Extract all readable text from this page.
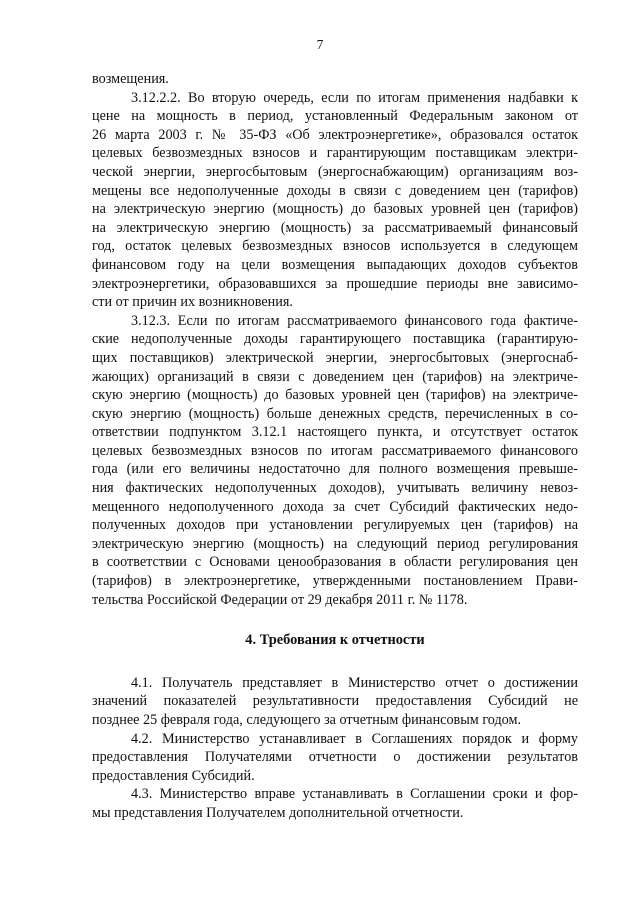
7
возмещения.
3.12.2.2. Во вторую очередь, если по итогам применения надбавки к
цене на мощность в период, установленный Федеральным законом от
26 марта 2003 г. № 35-ФЗ «Об электроэнергетике», образовался остаток
целевых безвозмездных взносов и гарантирующим поставщикам электри-
ческой энергии, энергосбытовым (энергоснабжающим) организациям воз-
мещены все недополученные доходы в связи с доведением цен (тарифов)
на электрическую энергию (мощность) до базовых уровней цен (тарифов)
на электрическую энергию (мощность) за рассматриваемый финансовый
год, остаток целевых безвозмездных взносов используется в следующем
финансовом году на цели возмещения выпадающих доходов субъектов
электроэнергетики, образовавшихся за прошедшие периоды вне зависимо-
сти от причин их возникновения.
3.12.3. Если по итогам рассматриваемого финансового года фактиче-
ские недополученные доходы гарантирующего поставщика (гарантирую-
щих поставщиков) электрической энергии, энергосбытовых (энергоснаб-
жающих) организаций в связи с доведением цен (тарифов) на электриче-
скую энергию (мощность) до базовых уровней цен (тарифов) на электриче-
скую энергию (мощность) больше денежных средств, перечисленных в со-
ответствии подпунктом 3.12.1 настоящего пункта, и отсутствует остаток
целевых безвозмездных взносов по итогам рассматриваемого финансового
года (или его величины недостаточно для полного возмещения превыше-
ния фактических недополученных доходов), учитывать величину невоз-
мещенного недополученного дохода за счет Субсидий фактических недо-
полученных доходов при установлении регулируемых цен (тарифов) на
электрическую энергию (мощность) на следующий период регулирования
в соответствии с Основами ценообразования в области регулирования цен
(тарифов) в электроэнергетике, утвержденными постановлением Прави-
тельства Российской Федерации от 29 декабря 2011 г. № 1178.
4. Требования к отчетности
4.1. Получатель представляет в Министерство отчет о достижении
значений показателей результативности предоставления Субсидий не
позднее 25 февраля года, следующего за отчетным финансовым годом.
4.2. Министерство устанавливает в Соглашениях порядок и форму
предоставления Получателями отчетности о достижении результатов
предоставления Субсидий.
4.3. Министерство вправе устанавливать в Соглашении сроки и фор-
мы представления Получателем дополнительной отчетности.
